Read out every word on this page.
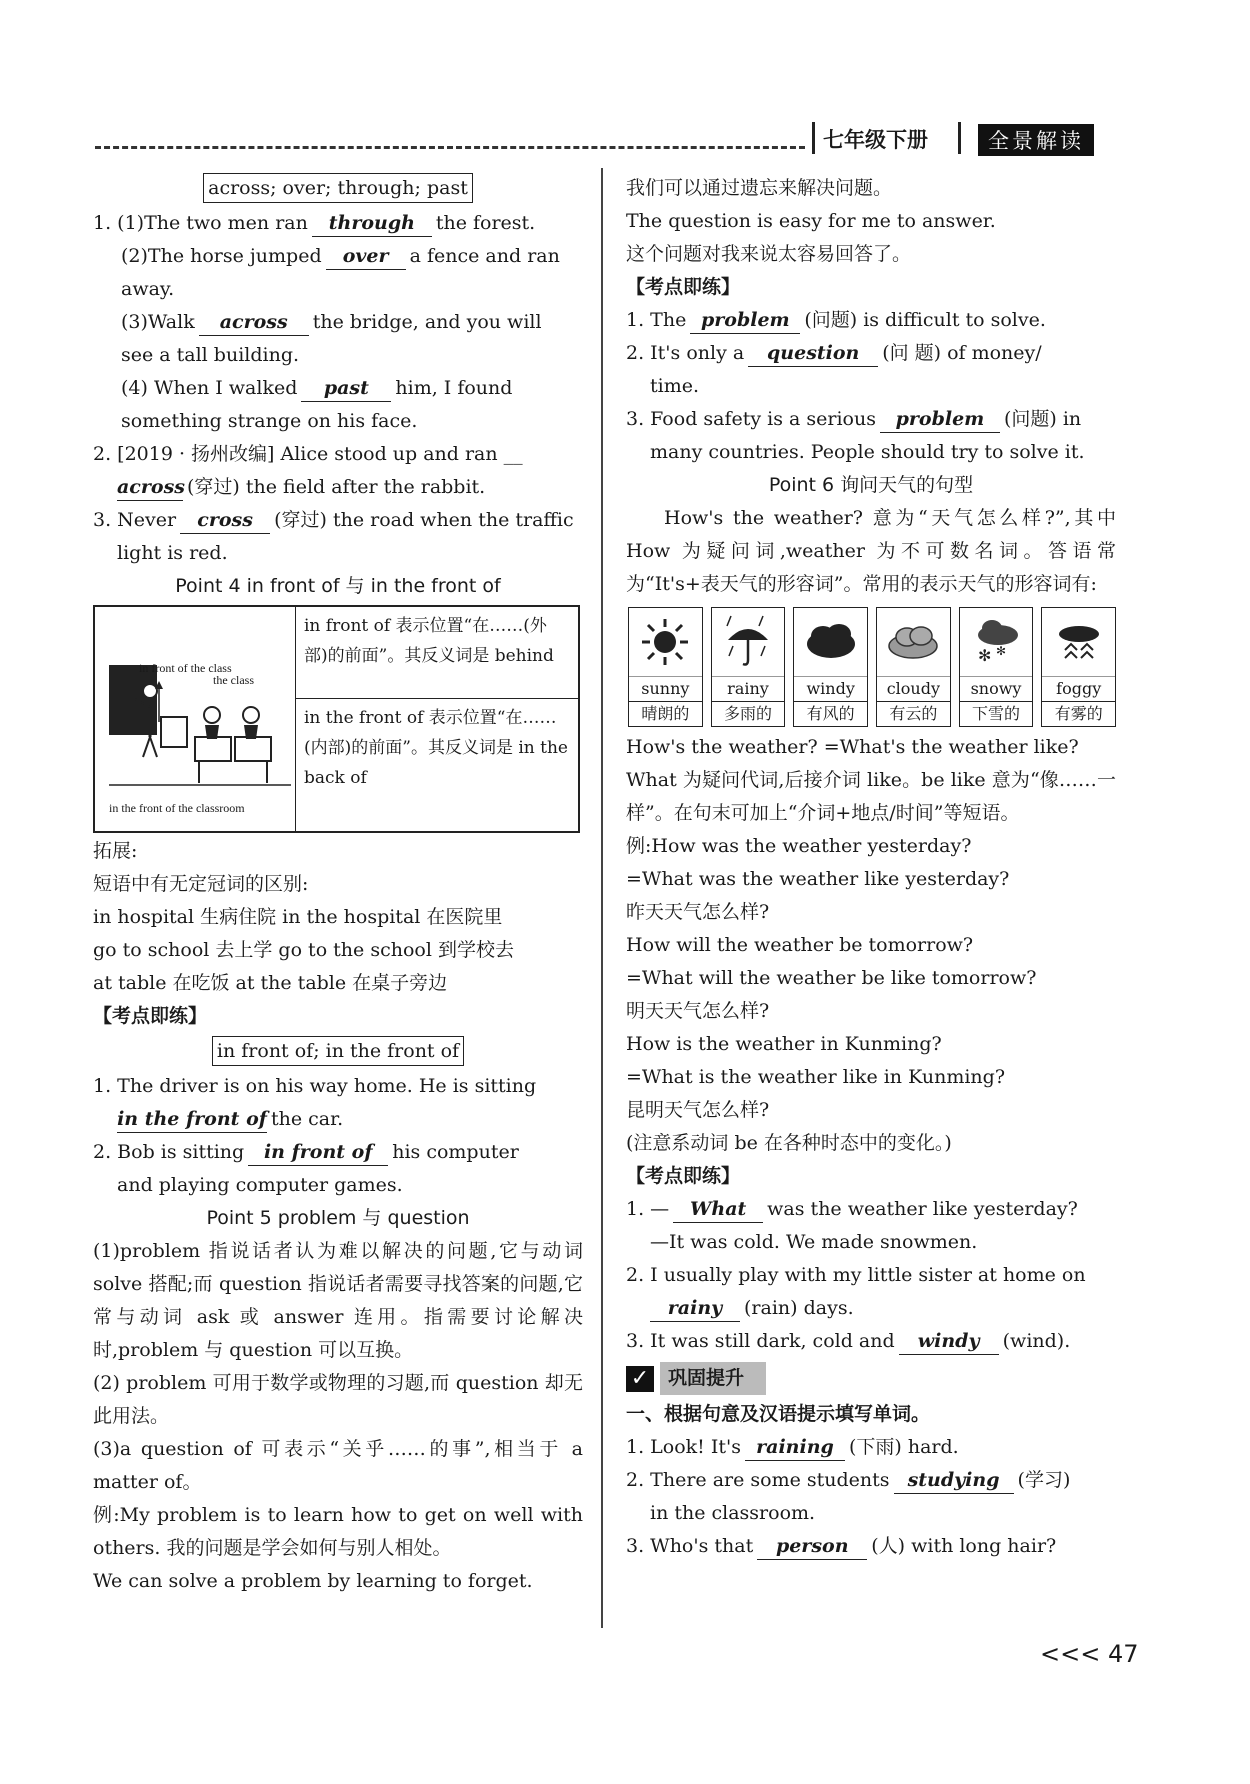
七年级下册	全景解读
across; over; through; past
1. (1)The two men ran through the forest.
(2)The horse jumped over a fence and ran
away.
(3)Walk across the bridge, and you will
see a tall building.
(4) When I walked past him, I found
something strange on his face.
2. [2019 · 扬州改编] Alice stood up and ran __
across (穿过) the field after the rabbit.
3. Never cross (穿过) the road when the traffic
light is red.
Point 4 in front of 与 in the front of
in front of the class
the class
in the front of the classroom
	in front of 表示位置“在……(外部)的前面”。其反义词是 behind
in the front of 表示位置“在……(内部)的前面”。其反义词是 in the back of
拓展:
短语中有无定冠词的区别:
in hospital 生病住院 in the hospital 在医院里
go to school 去上学 go to the school 到学校去
at table 在吃饭 at the table 在桌子旁边
【考点即练】
in front of; in the front of
1. The driver is on his way home. He is sitting
in the front of the car.
2. Bob is sitting in front of his computer
and playing computer games.
Point 5 problem 与 question
(1)problem 指说话者认为难以解决的问题,它与动词 solve 搭配;而 question 指说话者需要寻找答案的问题,它常与动词 ask 或 answer 连用。指需要讨论解决时,problem 与 question 可以互换。
(2) problem 可用于数学或物理的习题,而 question 却无此用法。
(3)a question of 可表示“关乎……的事”,相当于 a matter of。
例:My problem is to learn how to get on well with others. 我的问题是学会如何与别人相处。
We can solve a problem by learning to forget.
我们可以通过遗忘来解决问题。
The question is easy for me to answer.
这个问题对我来说太容易回答了。
【考点即练】
1. The problem (问题) is difficult to solve.
2. It's only a question (问 题) of money/
time.
3. Food safety is a serious problem (问题) in
many countries. People should try to solve it.
Point 6 询问天气的句型
How's the weather? 意为“天气怎么样?”,其中 How 为疑问词,weather 为不可数名词。答语常为“It's+表天气的形容词”。常用的表示天气的形容词有:
sunny
晴朗的
rainy
多雨的
windy
有风的
cloudy
有云的
✻ ✻
snowy
下雪的
foggy
有雾的
How's the weather? =What's the weather like?
What 为疑问代词,后接介词 like。be like 意为“像……一样”。在句末可加上“介词+地点/时间”等短语。
例:How was the weather yesterday?
=What was the weather like yesterday?
昨天天气怎么样?
How will the weather be tomorrow?
=What will the weather be like tomorrow?
明天天气怎么样?
How is the weather in Kunming?
=What is the weather like in Kunming?
昆明天气怎么样?
(注意系动词 be 在各种时态中的变化。)
【考点即练】
1. — What was the weather like yesterday?
—It was cold. We made snowmen.
2. I usually play with my little sister at home on
rainy (rain) days.
3. It was still dark, cold and windy (wind).
✓ 巩固提升
一、根据句意及汉语提示填写单词。
1. Look! It's raining (下雨) hard.
2. There are some students studying (学习)
in the classroom.
3. Who's that person (人) with long hair?
<<< 47
